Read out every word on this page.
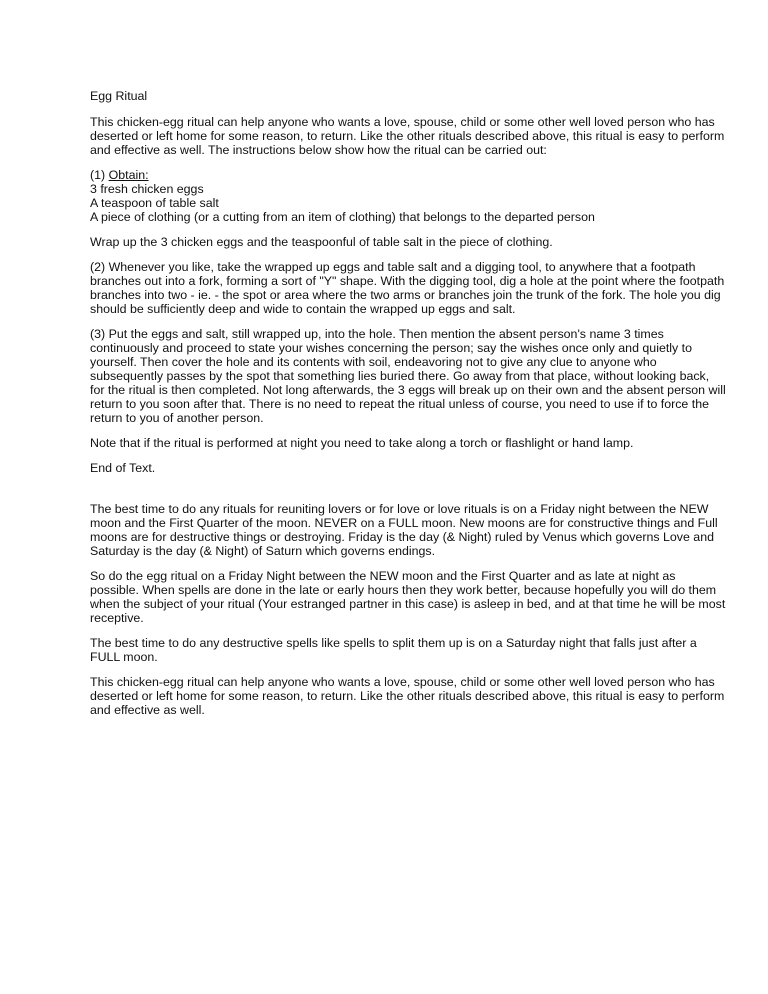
Egg Ritual

This chicken-egg ritual can help anyone who wants a love, spouse, child or some other well loved person who has deserted or left home for some reason, to return. Like the other rituals described above, this ritual is easy to perform and effective as well. The instructions below show how the ritual can be carried out:

(1) Obtain:
3 fresh chicken eggs
A teaspoon of table salt
A piece of clothing (or a cutting from an item of clothing) that belongs to the departed person

Wrap up the 3 chicken eggs and the teaspoonful of table salt in the piece of clothing.

(2) Whenever you like, take the wrapped up eggs and table salt and a digging tool, to anywhere that a footpath branches out into a fork, forming a sort of "Y" shape. With the digging tool, dig a hole at the point where the footpath branches into two - ie. - the spot or area where the two arms or branches join the trunk of the fork. The hole you dig should be sufficiently deep and wide to contain the wrapped up eggs and salt.

(3) Put the eggs and salt, still wrapped up, into the hole. Then mention the absent person's name 3 times continuously and proceed to state your wishes concerning the person; say the wishes once only and quietly to yourself. Then cover the hole and its contents with soil, endeavoring not to give any clue to anyone who subsequently passes by the spot that something lies buried there. Go away from that place, without looking back, for the ritual is then completed. Not long afterwards, the 3 eggs will break up on their own and the absent person will return to you soon after that. There is no need to repeat the ritual unless of course, you need to use if to force the return to you of another person.

Note that if the ritual is performed at night you need to take along a torch or flashlight or hand lamp.

End of Text.

The best time to do any rituals for reuniting lovers or for love or love rituals is on a Friday night between the NEW moon and the First Quarter of the moon. NEVER on a FULL moon. New moons are for constructive things and Full moons are for destructive things or destroying. Friday is the day (& Night) ruled by Venus which governs Love and Saturday is the day (& Night) of Saturn which governs endings.

So do the egg ritual on a Friday Night between the NEW moon and the First Quarter and as late at night as possible. When spells are done in the late or early hours then they work better, because hopefully you will do them when the subject of your ritual (Your estranged partner in this case) is asleep in bed, and at that time he will be most receptive.

The best time to do any destructive spells like spells to split them up is on a Saturday night that falls just after a FULL moon.

This chicken-egg ritual can help anyone who wants a love, spouse, child or some other well loved person who has deserted or left home for some reason, to return. Like the other rituals described above, this ritual is easy to perform and effective as well.
